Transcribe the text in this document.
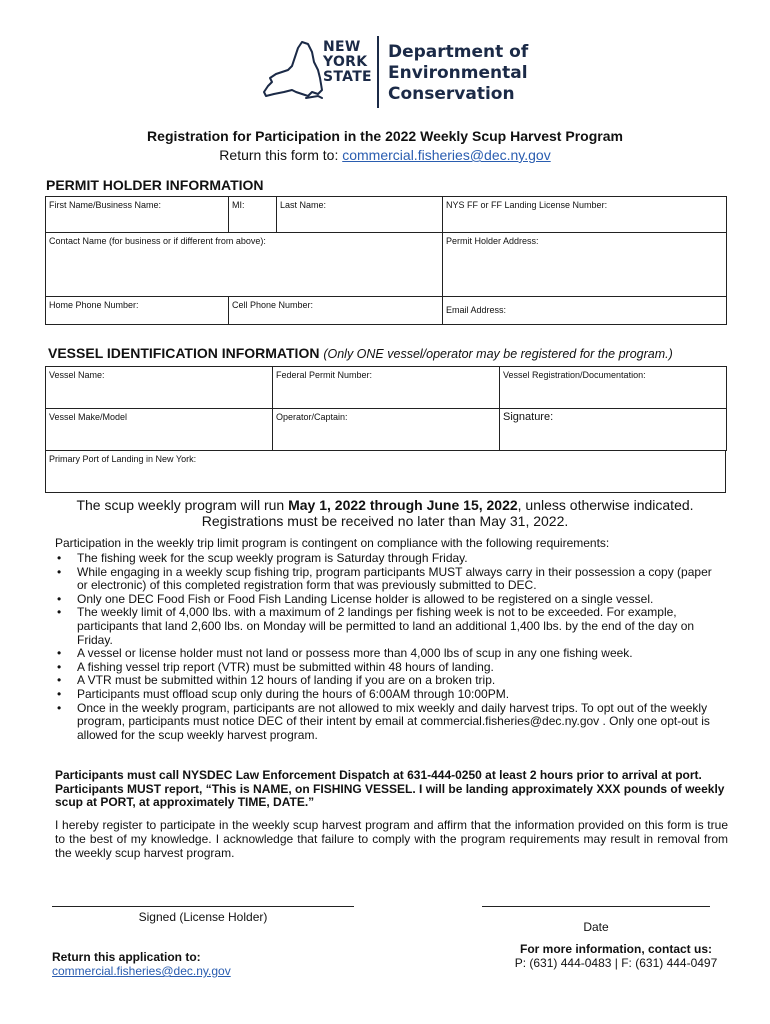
NEW
YORK
STATE
Department of
Environmental
Conservation
Registration for Participation in the 2022 Weekly Scup Harvest Program
Return this form to: commercial.fisheries@dec.ny.gov
PERMIT HOLDER INFORMATION
First Name/Business Name:	MI:	Last Name:	NYS FF or FF Landing License Number:
Contact Name (for business or if different from above):			Permit Holder Address:
Home Phone Number:	Cell Phone Number:		Email Address:
VESSEL IDENTIFICATION INFORMATION (Only ONE vessel/operator may be registered for the program.)
Vessel Name:	Federal Permit Number:	Vessel Registration/Documentation:
Vessel Make/Model	Operator/Captain:	Signature:
Primary Port of Landing in New York:
The scup weekly program will run May 1, 2022 through June 15, 2022, unless otherwise indicated.
Registrations must be received no later than May 31, 2022.
Participation in the weekly trip limit program is contingent on compliance with the following requirements:
• The fishing week for the scup weekly program is Saturday through Friday.
• While engaging in a weekly scup fishing trip, program participants MUST always carry in their possession a copy (paper or electronic) of this completed registration form that was previously submitted to DEC.
• Only one DEC Food Fish or Food Fish Landing License holder is allowed to be registered on a single vessel.
• The weekly limit of 4,000 lbs. with a maximum of 2 landings per fishing week is not to be exceeded. For example, participants that land 2,600 lbs. on Monday will be permitted to land an additional 1,400 lbs. by the end of the day on Friday.
• A vessel or license holder must not land or possess more than 4,000 lbs of scup in any one fishing week.
• A fishing vessel trip report (VTR) must be submitted within 48 hours of landing.
• A VTR must be submitted within 12 hours of landing if you are on a broken trip.
• Participants must offload scup only during the hours of 6:00AM through 10:00PM.
• Once in the weekly program, participants are not allowed to mix weekly and daily harvest trips. To opt out of the weekly program, participants must notice DEC of their intent by email at commercial.fisheries@dec.ny.gov . Only one opt-out is allowed for the scup weekly harvest program.
Participants must call NYSDEC Law Enforcement Dispatch at 631-444-0250 at least 2 hours prior to arrival at port. Participants MUST report, “This is NAME, on FISHING VESSEL. I will be landing approximately XXX pounds of weekly scup at PORT, at approximately TIME, DATE.”
I hereby register to participate in the weekly scup harvest program and affirm that the information provided on this form is true to the best of my knowledge. I acknowledge that failure to comply with the program requirements may result in removal from the weekly scup harvest program.
Signed (License Holder)
Date
Return this application to:
commercial.fisheries@dec.ny.gov
For more information, contact us:
P: (631) 444-0483 | F: (631) 444-0497
